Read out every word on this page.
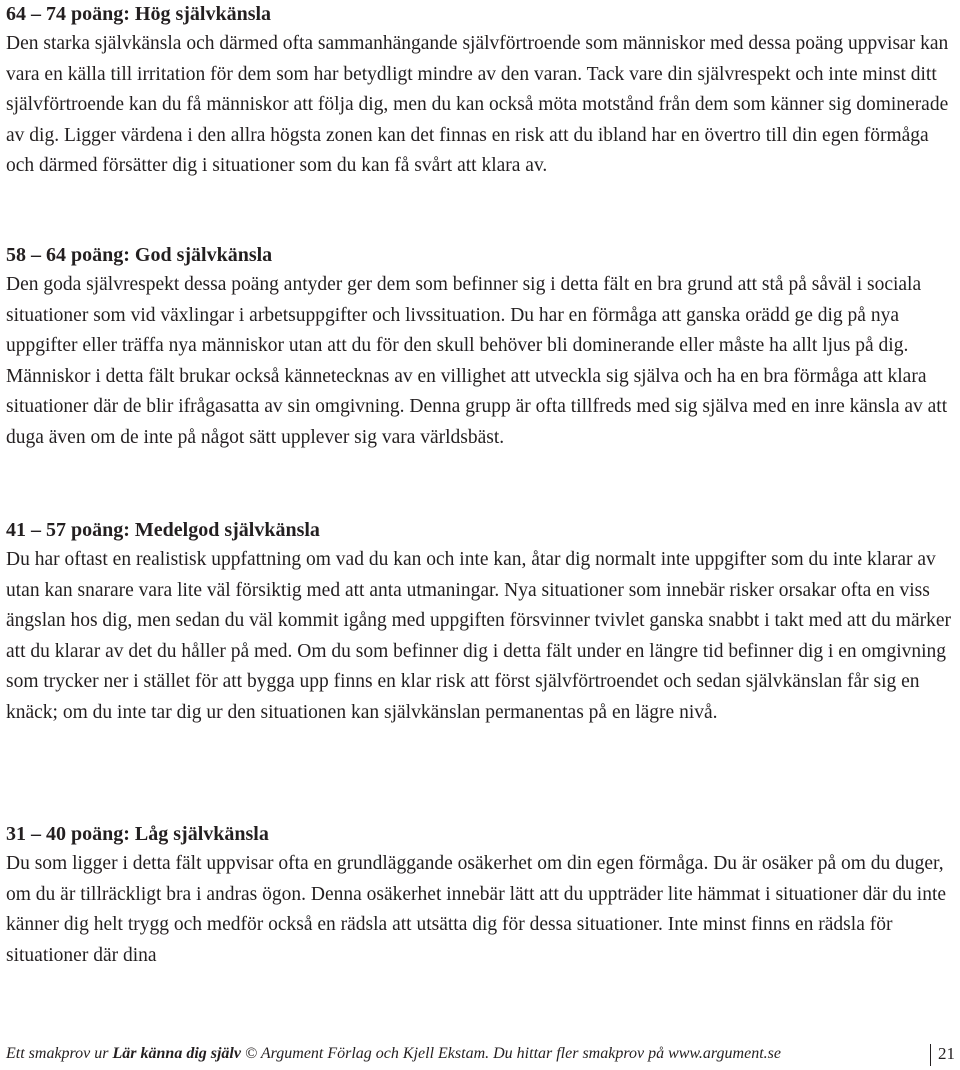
64 – 74 poäng: Hög självkänsla

Den starka självkänsla och därmed ofta sammanhängande självförtroende som människor med dessa poäng uppvisar kan vara en källa till irritation för dem som har betydligt mindre av den varan. Tack vare din självrespekt och inte minst ditt självförtroende kan du få människor att följa dig, men du kan också möta motstånd från dem som känner sig dominerade av dig. Ligger värdena i den allra högsta zonen kan det finnas en risk att du ibland har en övertro till din egen förmåga och därmed försätter dig i situationer som du kan få svårt att klara av.

58 – 64 poäng: God självkänsla

Den goda självrespekt dessa poäng antyder ger dem som befinner sig i detta fält en bra grund att stå på såväl i sociala situationer som vid växlingar i arbetsuppgifter och livssituation. Du har en förmåga att ganska orädd ge dig på nya uppgifter eller träffa nya människor utan att du för den skull behöver bli dominerande eller måste ha allt ljus på dig. Människor i detta fält brukar också kännetecknas av en villighet att utveckla sig själva och ha en bra förmåga att klara situationer där de blir ifrågasatta av sin omgivning. Denna grupp är ofta tillfreds med sig själva med en inre känsla av att duga även om de inte på något sätt upplever sig vara världsbäst.

41 – 57 poäng: Medelgod självkänsla

Du har oftast en realistisk uppfattning om vad du kan och inte kan, åtar dig normalt inte uppgifter som du inte klarar av utan kan snarare vara lite väl försiktig med att anta utmaningar. Nya situationer som innebär risker orsakar ofta en viss ängslan hos dig, men sedan du väl kommit igång med uppgiften försvinner tvivlet ganska snabbt i takt med att du märker att du klarar av det du håller på med. Om du som befinner dig i detta fält under en längre tid befinner dig i en omgivning som trycker ner i stället för att bygga upp finns en klar risk att först självförtroendet och sedan självkänslan får sig en knäck; om du inte tar dig ur den situationen kan självkänslan permanentas på en lägre nivå.

31 – 40 poäng: Låg självkänsla

Du som ligger i detta fält uppvisar ofta en grundläggande osäkerhet om din egen förmåga. Du är osäker på om du duger, om du är tillräckligt bra i andras ögon. Denna osäkerhet innebär lätt att du uppträder lite hämmat i situationer där du inte känner dig helt trygg och medför också en rädsla att utsätta dig för dessa situationer. Inte minst finns en rädsla för situationer där dina

Ett smakprov ur Lär känna dig själv © Argument Förlag och Kjell Ekstam. Du hittar fler smakprov på www.argument.se	21
